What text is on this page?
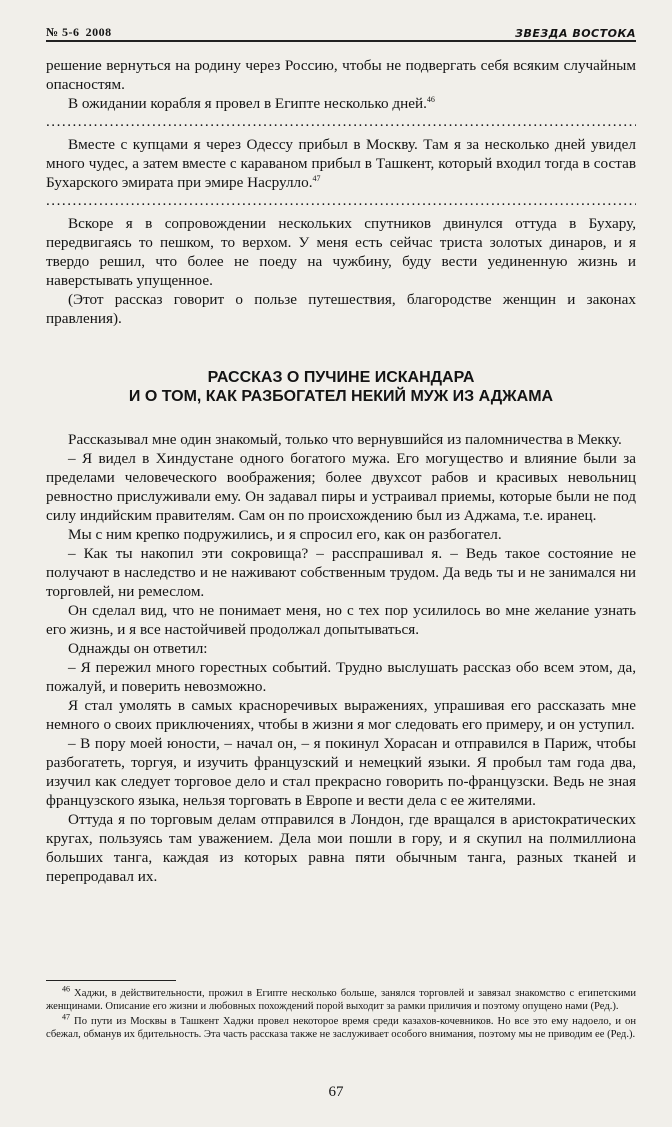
№ 5-6 2008	ЗВЕЗДА ВОСТОКА

решение вернуться на родину через Россию, чтобы не подвергать себя всяким случайным опасностям.

В ожидании корабля я провел в Египте несколько дней.$^{46}$

.....

Вместе с купцами я через Одессу прибыл в Москву. Там я за несколько дней увидел много чудес, а затем вместе с караваном прибыл в Ташкент, который входил тогда в состав Бухарского эмирата при эмире Насрулло.$^{47}$

.....

Вскоре я в сопровождении нескольких спутников двинулся оттуда в Бухару, передвигаясь то пешком, то верхом. У меня есть сейчас триста золотых динаров, и я твердо решил, что более не поеду на чужбину, буду вести уединенную жизнь и наверстывать упущенное.

(Этот рассказ говорит о пользе путешествия, благородстве женщин и законах правления).

РАССКАЗ О ПУЧИНЕ ИСКАНДАРА
И О ТОМ, КАК РАЗБОГАТЕЛ НЕКИЙ МУЖ ИЗ АДЖАМА

Рассказывал мне один знакомый, только что вернувшийся из паломничества в Мекку.

– Я видел в Хиндустане одного богатого мужа. Его могущество и влияние были за пределами человеческого воображения; более двухсот рабов и красивых невольниц ревностно прислуживали ему. Он задавал пиры и устраивал приемы, которые были не под силу индийским правителям. Сам он по происхождению был из Аджама, т.е. иранец.

Мы с ним крепко подружились, и я спросил его, как он разбогател.

– Как ты накопил эти сокровища? – расспрашивал я. – Ведь такое состояние не получают в наследство и не наживают собственным трудом. Да ведь ты и не занимался ни торговлей, ни ремеслом.

Он сделал вид, что не понимает меня, но с тех пор усилилось во мне желание узнать его жизнь, и я все настойчивей продолжал допытываться.

Однажды он ответил:

– Я пережил много горестных событий. Трудно выслушать рассказ обо всем этом, да, пожалуй, и поверить невозможно.

Я стал умолять в самых красноречивых выражениях, упрашивая его рассказать мне немного о своих приключениях, чтобы в жизни я мог следовать его примеру, и он уступил.

– В пору моей юности, – начал он, – я покинул Хорасан и отправился в Париж, чтобы разбогатеть, торгуя, и изучить французский и немецкий языки. Я пробыл там года два, изучил как следует торговое дело и стал прекрасно говорить по-французски. Ведь не зная французского языка, нельзя торговать в Европе и вести дела с ее жителями.

Оттуда я по торговым делам отправился в Лондон, где вращался в аристократических кругах, пользуясь там уважением. Дела мои пошли в гору, и я скупил на полмиллиона больших танга, каждая из которых равна пяти обычным танга, разных тканей и перепродавал их.

$^{46}$ Хаджи, в действительности, прожил в Египте несколько больше, занялся торговлей и завязал знакомство с египетскими женщинами. Описание его жизни и любовных похождений порой выходит за рамки приличия и поэтому опущено нами (Ред.).

$^{47}$ По пути из Москвы в Ташкент Хаджи провел некоторое время среди казахов-кочевников. Но все это ему надоело, и он сбежал, обманув их бдительность. Эта часть рассказа также не заслуживает особого внимания, поэтому мы не приводим ее (Ред.).

67
